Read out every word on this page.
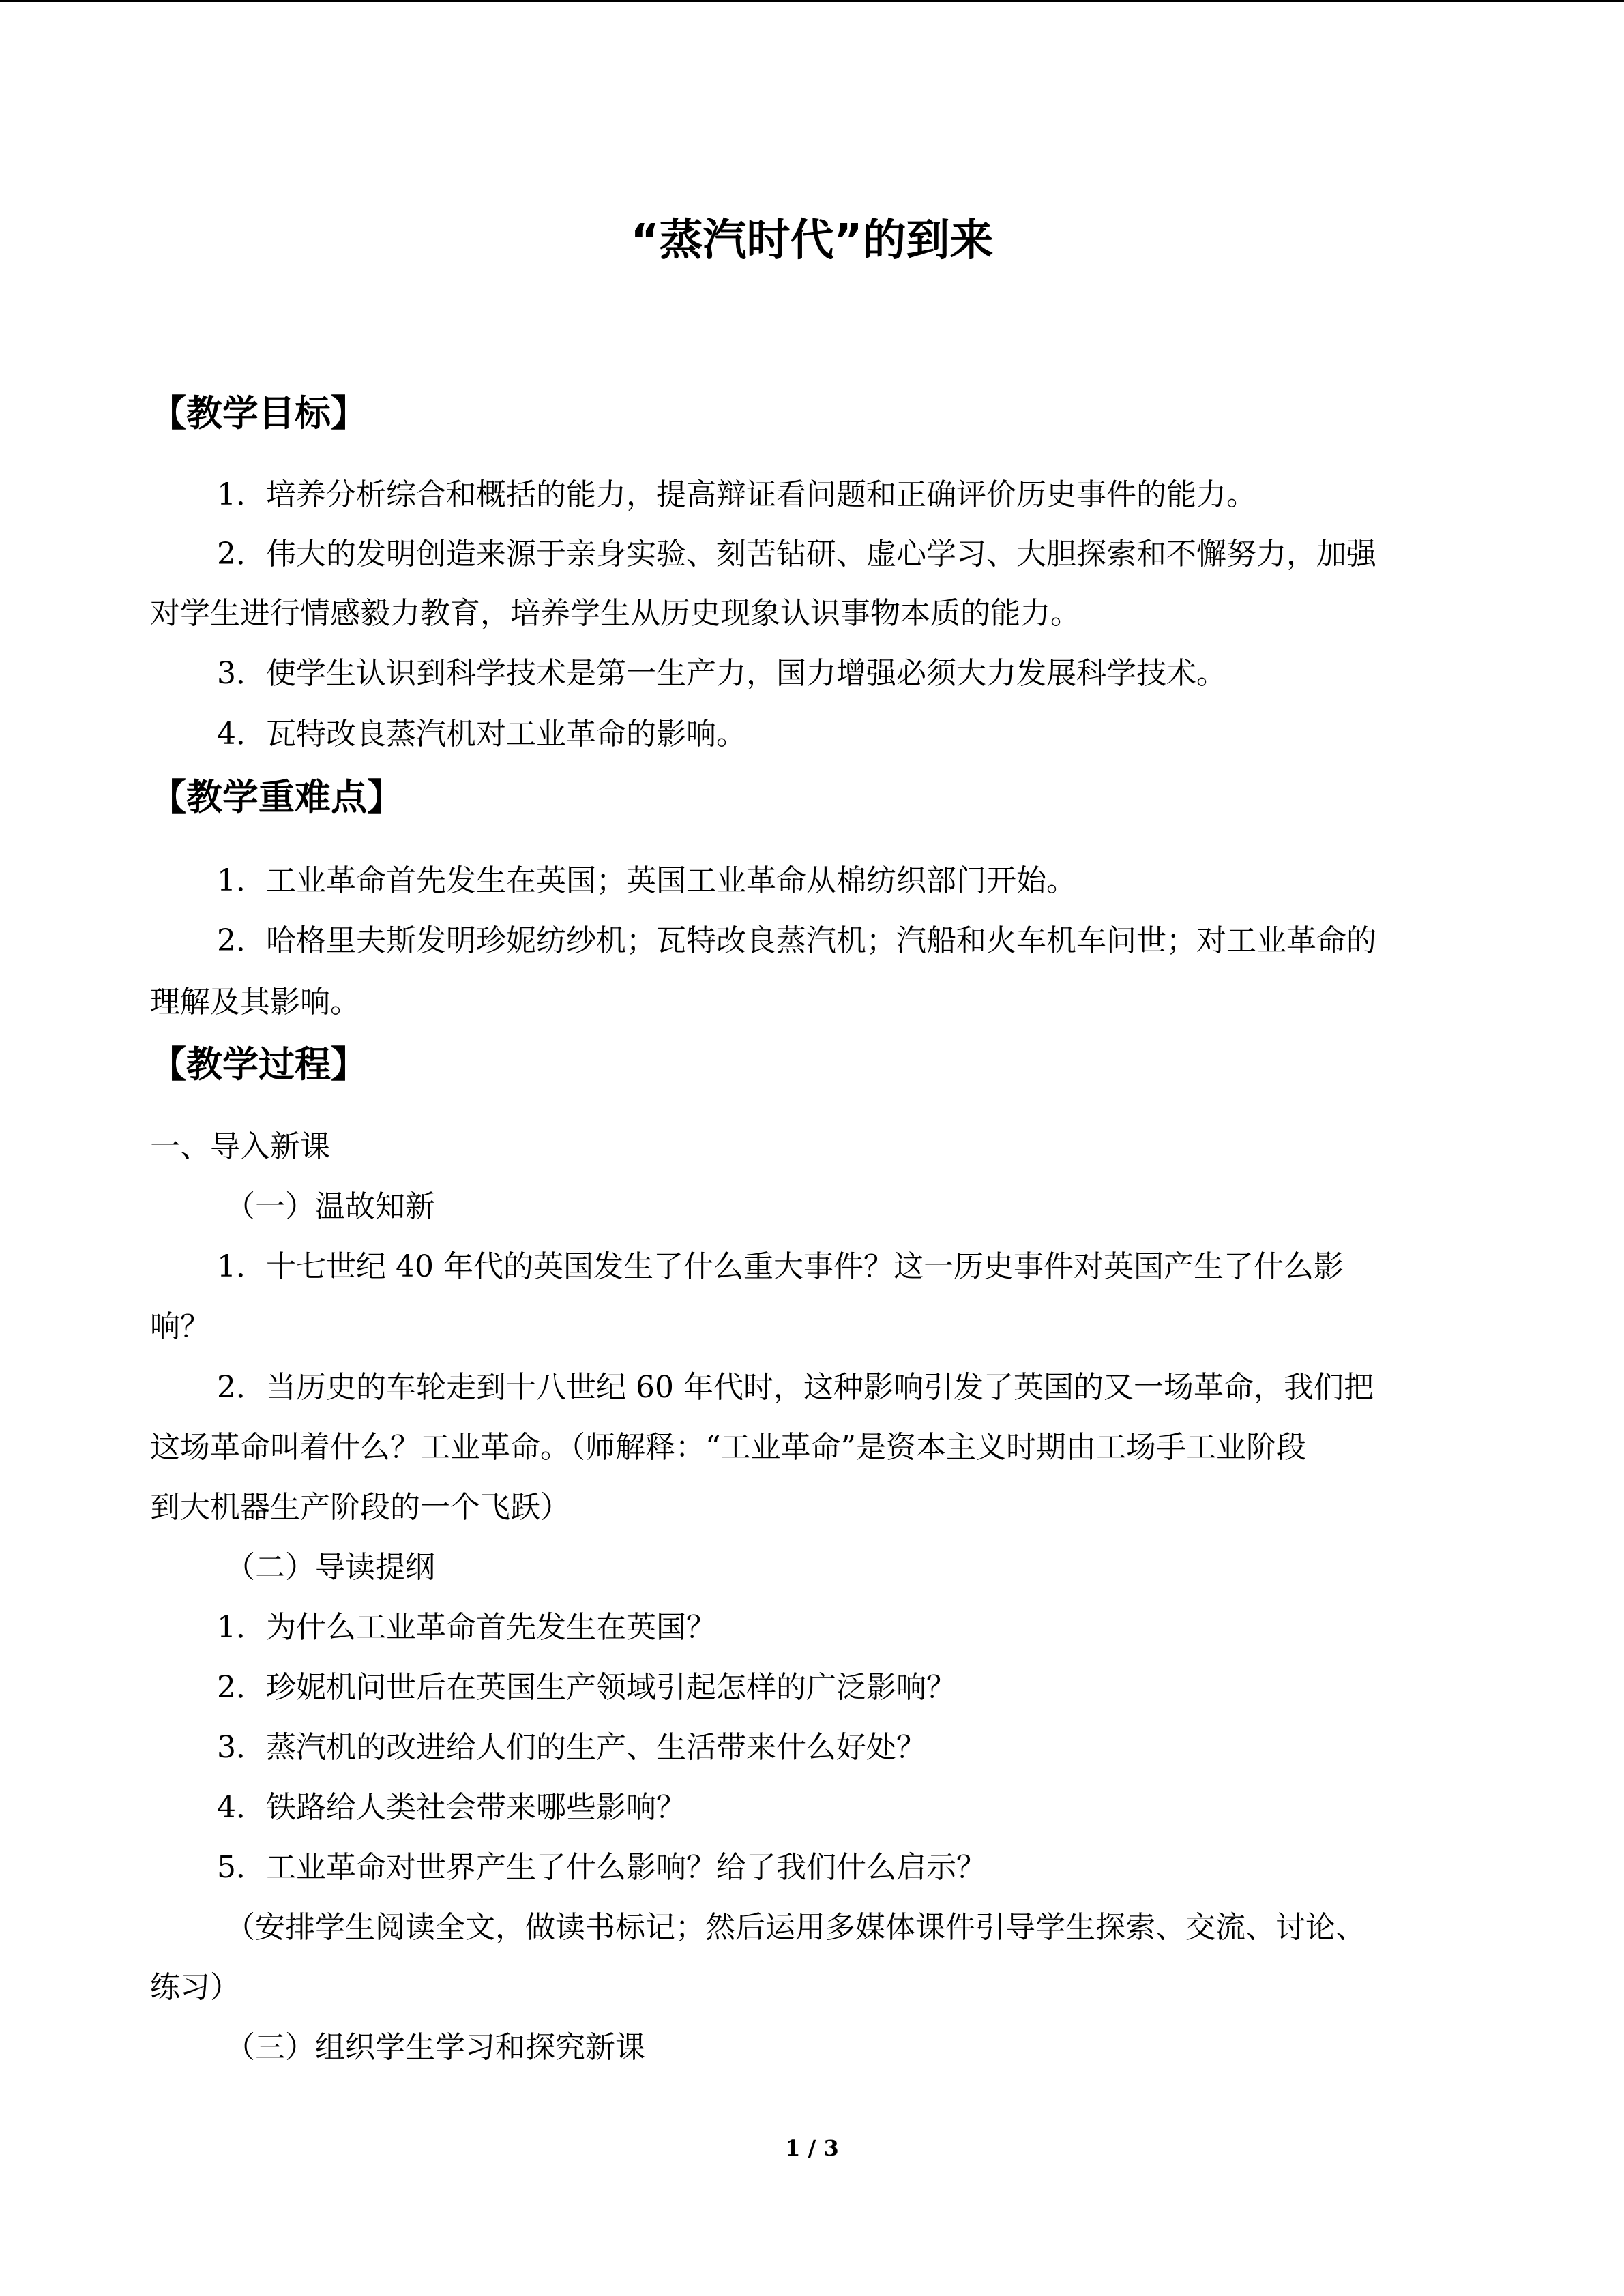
“蒸汽时代”的到来
【教学目标】
1．培养分析综合和概括的能力，提高辩证看问题和正确评价历史事件的能力。
2．伟大的发明创造来源于亲身实验、刻苦钻研、虚心学习、大胆探索和不懈努力，加强
对学生进行情感毅力教育，培养学生从历史现象认识事物本质的能力。
3．使学生认识到科学技术是第一生产力，国力增强必须大力发展科学技术。
4．瓦特改良蒸汽机对工业革命的影响。
【教学重难点】
1．工业革命首先发生在英国；英国工业革命从棉纺织部门开始。
2．哈格里夫斯发明珍妮纺纱机；瓦特改良蒸汽机；汽船和火车机车问世；对工业革命的
理解及其影响。
【教学过程】
一、导入新课
（一）温故知新
1．十七世纪 40 年代的英国发生了什么重大事件？这一历史事件对英国产生了什么影
响？
2．当历史的车轮走到十八世纪 60 年代时，这种影响引发了英国的又一场革命，我们把
这场革命叫着什么？工业革命。（师解释：“工业革命”是资本主义时期由工场手工业阶段
到大机器生产阶段的一个飞跃）
（二）导读提纲
1．为什么工业革命首先发生在英国？
2．珍妮机问世后在英国生产领域引起怎样的广泛影响？
3．蒸汽机的改进给人们的生产、生活带来什么好处？
4．铁路给人类社会带来哪些影响？
5．工业革命对世界产生了什么影响？给了我们什么启示？
（安排学生阅读全文，做读书标记；然后运用多媒体课件引导学生探索、交流、讨论、
练习）
（三）组织学生学习和探究新课
1 / 3
